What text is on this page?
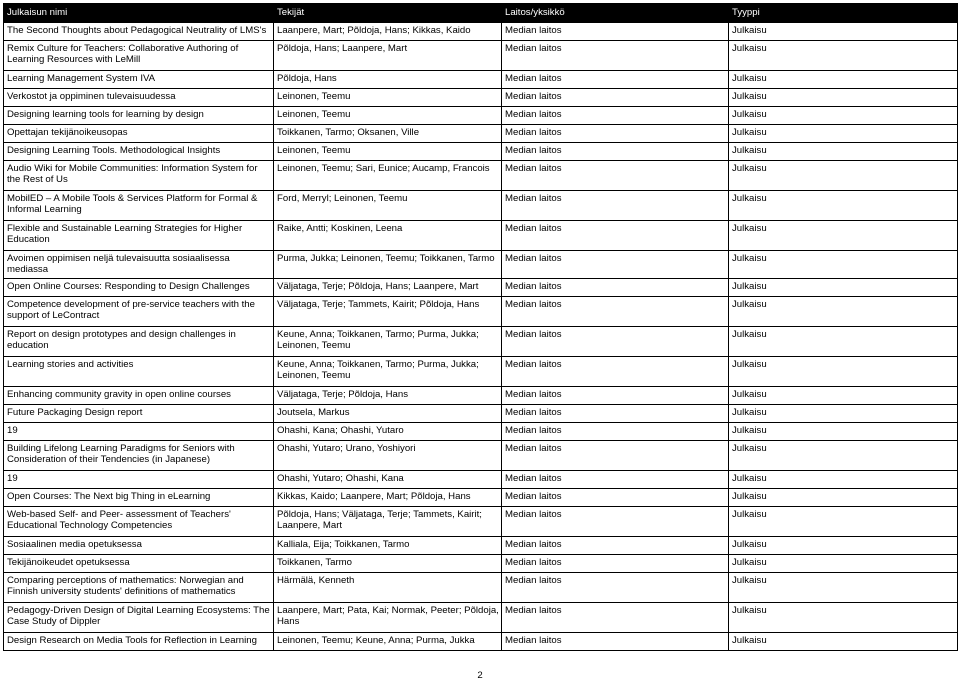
Julkaisun nimi	Tekijät	Laitos/yksikkö	Tyyppi
The Second Thoughts about Pedagogical Neutrality of LMS's	Laanpere, Mart; Põldoja, Hans; Kikkas, Kaido	Median laitos	Julkaisu
Remix Culture for Teachers: Collaborative Authoring of Learning Resources with LeMill	Põldoja, Hans; Laanpere, Mart	Median laitos	Julkaisu
Learning Management System IVA	Põldoja, Hans	Median laitos	Julkaisu
Verkostot ja oppiminen tulevaisuudessa	Leinonen, Teemu	Median laitos	Julkaisu
Designing learning tools for learning by design	Leinonen, Teemu	Median laitos	Julkaisu
Opettajan tekijänoikeusopas	Toikkanen, Tarmo; Oksanen, Ville	Median laitos	Julkaisu
Designing Learning Tools. Methodological Insights	Leinonen, Teemu	Median laitos	Julkaisu
Audio Wiki for Mobile Communities: Information System for the Rest of Us	Leinonen, Teemu; Sari, Eunice; Aucamp, Francois	Median laitos	Julkaisu
MobilED – A Mobile Tools & Services Platform for Formal & Informal Learning	Ford, Merryl; Leinonen, Teemu	Median laitos	Julkaisu
Flexible and Sustainable Learning Strategies for Higher Education	Raike, Antti; Koskinen, Leena	Median laitos	Julkaisu
Avoimen oppimisen neljä tulevaisuutta sosiaalisessa mediassa	Purma, Jukka; Leinonen, Teemu; Toikkanen, Tarmo	Median laitos	Julkaisu
Open Online Courses: Responding to Design Challenges	Väljataga, Terje; Põldoja, Hans; Laanpere, Mart	Median laitos	Julkaisu
Competence development of pre-service teachers with the support of LeContract	Väljataga, Terje; Tammets, Kairit; Põldoja, Hans	Median laitos	Julkaisu
Report on design prototypes and design challenges in education	Keune, Anna; Toikkanen, Tarmo; Purma, Jukka; Leinonen, Teemu	Median laitos	Julkaisu
Learning stories and activities	Keune, Anna; Toikkanen, Tarmo; Purma, Jukka; Leinonen, Teemu	Median laitos	Julkaisu
Enhancing community gravity in open online courses	Väljataga, Terje; Põldoja, Hans	Median laitos	Julkaisu
Future Packaging Design report	Joutsela, Markus	Median laitos	Julkaisu
19	Ohashi, Kana; Ohashi, Yutaro	Median laitos	Julkaisu
Building Lifelong Learning Paradigms for Seniors with Consideration of their Tendencies (in Japanese)	Ohashi, Yutaro; Urano, Yoshiyori	Median laitos	Julkaisu
19	Ohashi, Yutaro; Ohashi, Kana	Median laitos	Julkaisu
Open Courses: The Next big Thing in eLearning	Kikkas, Kaido; Laanpere, Mart; Põldoja, Hans	Median laitos	Julkaisu
Web-based Self- and Peer- assessment of Teachers' Educational Technology Competencies	Põldoja, Hans; Väljataga, Terje; Tammets, Kairit; Laanpere, Mart	Median laitos	Julkaisu
Sosiaalinen media opetuksessa	Kalliala, Eija; Toikkanen, Tarmo	Median laitos	Julkaisu
Tekijänoikeudet opetuksessa	Toikkanen, Tarmo	Median laitos	Julkaisu
Comparing perceptions of mathematics: Norwegian and Finnish university students' definitions of mathematics	Härmälä, Kenneth	Median laitos	Julkaisu
Pedagogy-Driven Design of Digital Learning Ecosystems: The Case Study of Dippler	Laanpere, Mart; Pata, Kai; Normak, Peeter; Põldoja, Hans	Median laitos	Julkaisu
Design Research on Media Tools for Reflection in Learning	Leinonen, Teemu; Keune, Anna; Purma, Jukka	Median laitos	Julkaisu
2
